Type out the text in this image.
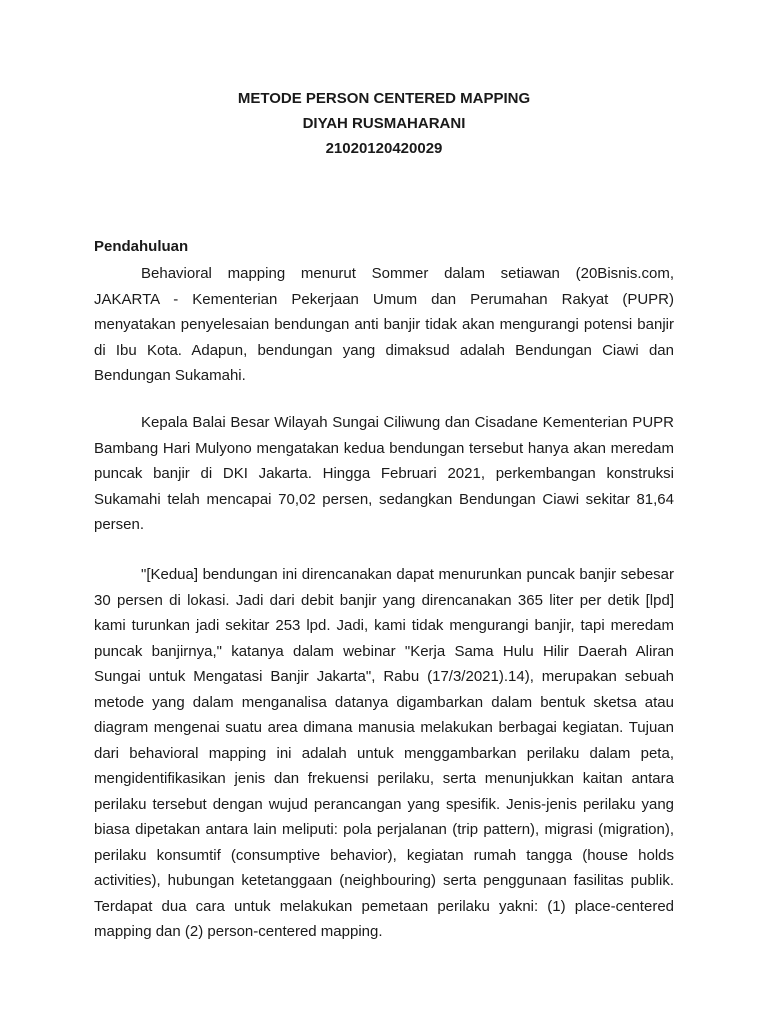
METODE PERSON CENTERED MAPPING
DIYAH RUSMAHARANI
21020120420029
Pendahuluan

Behavioral mapping menurut Sommer dalam setiawan (20Bisnis.com, JAKARTA - Kementerian Pekerjaan Umum dan Perumahan Rakyat (PUPR) menyatakan penyelesaian bendungan anti banjir tidak akan mengurangi potensi banjir di Ibu Kota. Adapun, bendungan yang dimaksud adalah Bendungan Ciawi dan Bendungan Sukamahi.

Kepala Balai Besar Wilayah Sungai Ciliwung dan Cisadane Kementerian PUPR Bambang Hari Mulyono mengatakan kedua bendungan tersebut hanya akan meredam puncak banjir di DKI Jakarta. Hingga Februari 2021, perkembangan konstruksi Sukamahi telah mencapai 70,02 persen, sedangkan Bendungan Ciawi sekitar 81,64 persen.

"[Kedua] bendungan ini direncanakan dapat menurunkan puncak banjir sebesar 30 persen di lokasi. Jadi dari debit banjir yang direncanakan 365 liter per detik [lpd] kami turunkan jadi sekitar 253 lpd. Jadi, kami tidak mengurangi banjir, tapi meredam puncak banjirnya," katanya dalam webinar "Kerja Sama Hulu Hilir Daerah Aliran Sungai untuk Mengatasi Banjir Jakarta", Rabu (17/3/2021).14), merupakan sebuah metode yang dalam menganalisa datanya digambarkan dalam bentuk sketsa atau diagram mengenai suatu area dimana manusia melakukan berbagai kegiatan. Tujuan dari behavioral mapping ini adalah untuk menggambarkan perilaku dalam peta, mengidentifikasikan jenis dan frekuensi perilaku, serta menunjukkan kaitan antara perilaku tersebut dengan wujud perancangan yang spesifik. Jenis-jenis perilaku yang biasa dipetakan antara lain meliputi: pola perjalanan (trip pattern), migrasi (migration), perilaku konsumtif (consumptive behavior), kegiatan rumah tangga (house holds activities), hubungan ketetanggaan (neighbouring) serta penggunaan fasilitas publik. Terdapat dua cara untuk melakukan pemetaan perilaku yakni: (1) place-centered mapping dan (2) person-centered mapping.
